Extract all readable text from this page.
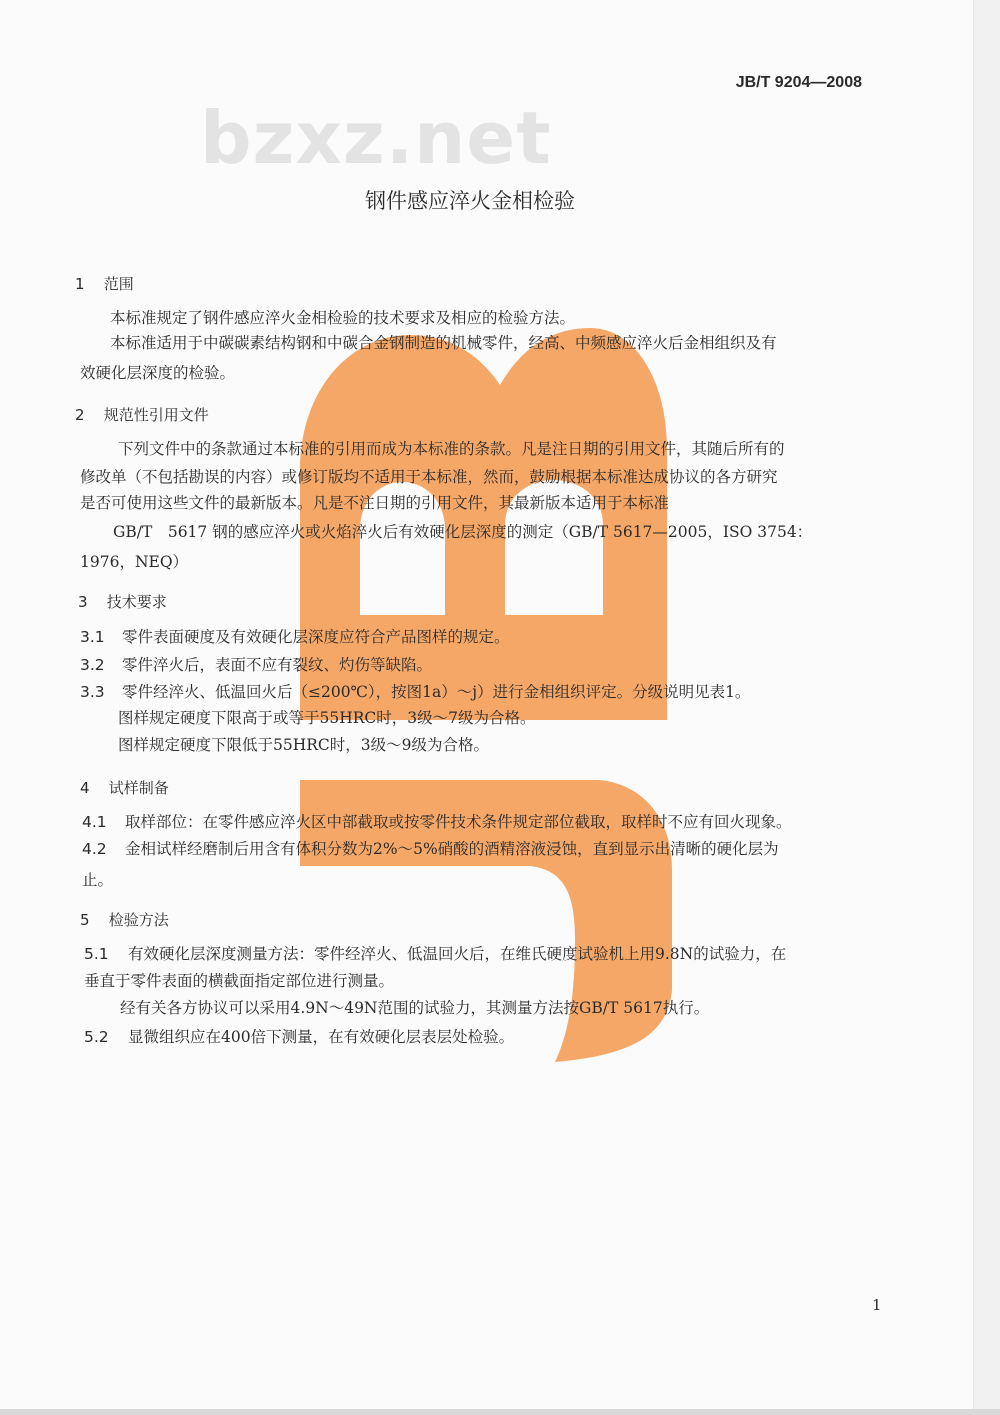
bzxz.net
JB/T 9204—2008
钢件感应淬火金相检验
1 范围
本标准规定了钢件感应淬火金相检验的技术要求及相应的检验方法。
本标准适用于中碳碳素结构钢和中碳合金钢制造的机械零件，经高、中频感应淬火后金相组织及有
效硬化层深度的检验。
2 规范性引用文件
下列文件中的条款通过本标准的引用而成为本标准的条款。凡是注日期的引用文件，其随后所有的
修改单（不包括勘误的内容）或修订版均不适用于本标准，然而，鼓励根据本标准达成协议的各方研究
是否可使用这些文件的最新版本。凡是不注日期的引用文件，其最新版本适用于本标准
GB/T　5617 钢的感应淬火或火焰淬火后有效硬化层深度的测定（GB/T 5617—2005，ISO 3754：
1976，NEQ）
3 技术要求
3.1 零件表面硬度及有效硬化层深度应符合产品图样的规定。
3.2 零件淬火后，表面不应有裂纹、灼伤等缺陷。
3.3 零件经淬火、低温回火后（≤200℃），按图1a）～j）进行金相组织评定。分级说明见表1。
图样规定硬度下限高于或等于55HRC时，3级～7级为合格。
图样规定硬度下限低于55HRC时，3级～9级为合格。
4 试样制备
4.1 取样部位：在零件感应淬火区中部截取或按零件技术条件规定部位截取，取样时不应有回火现象。
4.2 金相试样经磨制后用含有体积分数为2%～5%硝酸的酒精溶液浸蚀，直到显示出清晰的硬化层为
止。
5 检验方法
5.1 有效硬化层深度测量方法：零件经淬火、低温回火后，在维氏硬度试验机上用9.8N的试验力，在
垂直于零件表面的横截面指定部位进行测量。
经有关各方协议可以采用4.9N～49N范围的试验力，其测量方法按GB/T 5617执行。
5.2 显微组织应在400倍下测量，在有效硬化层表层处检验。
1
